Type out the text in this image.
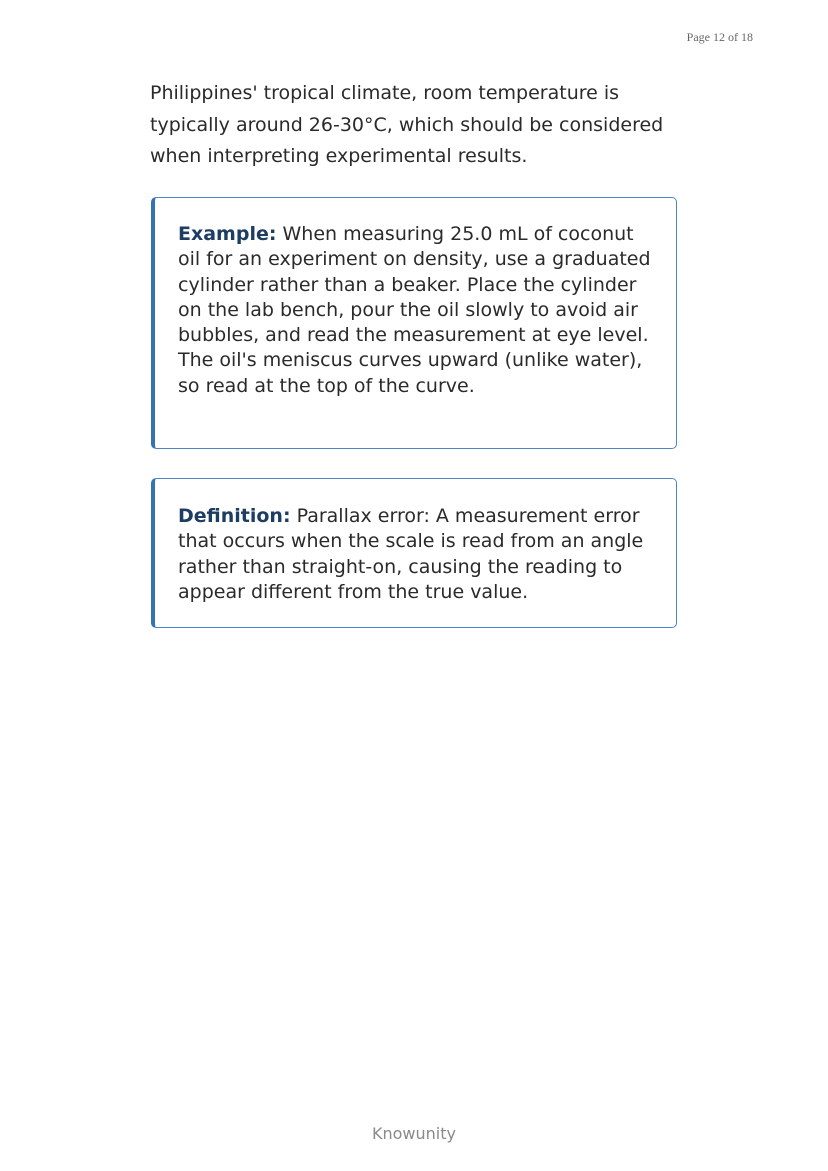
Page 12 of 18

Philippines' tropical climate, room temperature is typically around 26-30°C, which should be considered when interpreting experimental results.

Example: When measuring 25.0 mL of coconut oil for an experiment on density, use a graduated cylinder rather than a beaker. Place the cylinder on the lab bench, pour the oil slowly to avoid air bubbles, and read the measurement at eye level. The oil's meniscus curves upward (unlike water), so read at the top of the curve.
Definition: Parallax error: A measurement error that occurs when the scale is read from an angle rather than straight-on, causing the reading to appear different from the true value.
Knowunity
